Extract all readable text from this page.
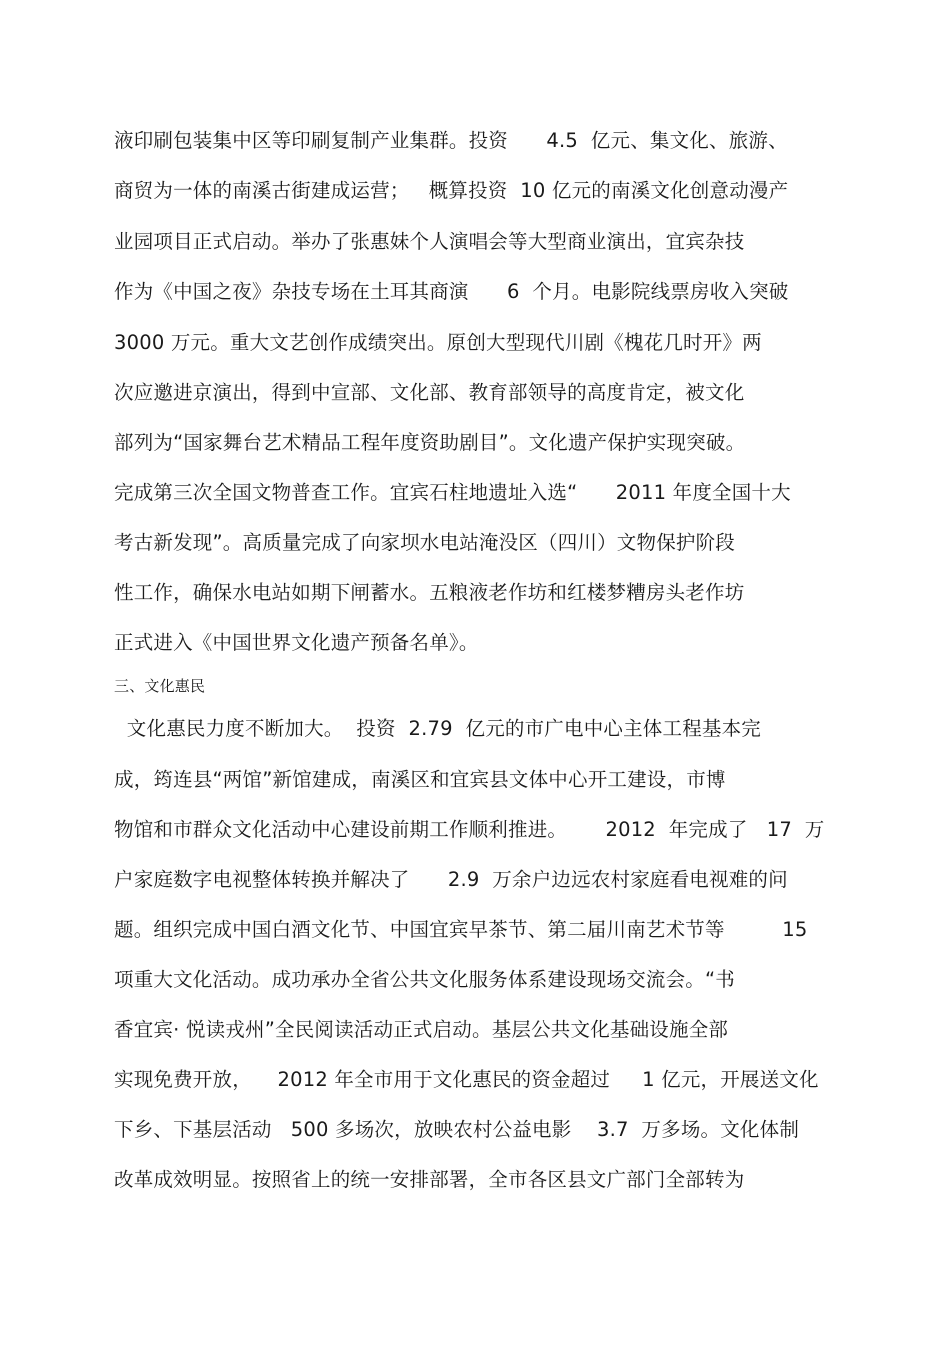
液印刷包装集中区等印刷复制产业集群。投资      4.5  亿元、集文化、旅游、
商贸为一体的南溪古街建成运营；   概算投资  10 亿元的南溪文化创意动漫产
业园项目正式启动。举办了张惠妹个人演唱会等大型商业演出，宜宾杂技
作为《中国之夜》杂技专场在土耳其商演      6  个月。电影院线票房收入突破
3000 万元。重大文艺创作成绩突出。原创大型现代川剧《槐花几时开》两
次应邀进京演出，得到中宣部、文化部、教育部领导的高度肯定，被文化
部列为“国家舞台艺术精品工程年度资助剧目”。文化遗产保护实现突破。
完成第三次全国文物普查工作。宜宾石柱地遗址入选“      2011 年度全国十大
考古新发现”。高质量完成了向家坝水电站淹没区（四川）文物保护阶段
性工作，确保水电站如期下闸蓄水。五粮液老作坊和红楼梦糟房头老作坊
正式进入《中国世界文化遗产预备名单》。
三、文化惠民
文化惠民力度不断加大。  投资  2.79  亿元的市广电中心主体工程基本完
成，筠连县“两馆”新馆建成，南溪区和宜宾县文体中心开工建设，市博
物馆和市群众文化活动中心建设前期工作顺利推进。      2012  年完成了   17  万
户家庭数字电视整体转换并解决了      2.9  万余户边远农村家庭看电视难的问
题。组织完成中国白酒文化节、中国宜宾早茶节、第二届川南艺术节等         15
项重大文化活动。成功承办全省公共文化服务体系建设现场交流会。“书
香宜宾· 悦读戎州”全民阅读活动正式启动。基层公共文化基础设施全部
实现免费开放，    2012 年全市用于文化惠民的资金超过     1 亿元，开展送文化
下乡、下基层活动   500 多场次，放映农村公益电影    3.7  万多场。文化体制
改革成效明显。按照省上的统一安排部署，全市各区县文广部门全部转为
